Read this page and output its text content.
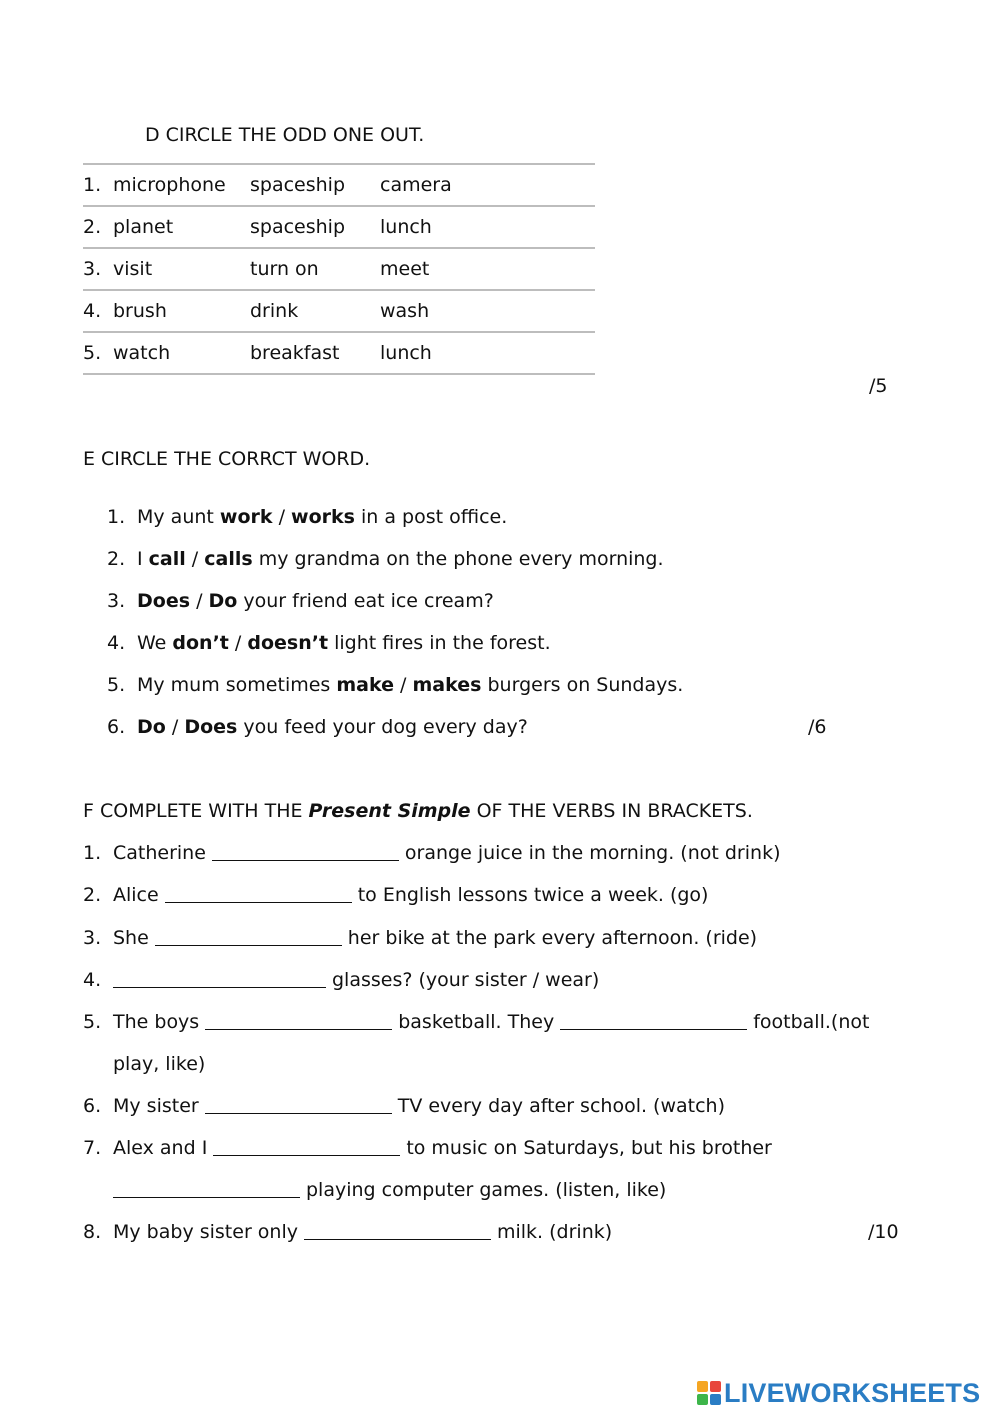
D CIRCLE THE ODD ONE OUT.
1. microphone	spaceship	camera
2. planet	spaceship	lunch
3. visit	turn on	meet
4. brush	drink	wash
5. watch	breakfast	lunch
/5
E CIRCLE THE CORRCT WORD.
1. My aunt work / works in a post office.
2. I call / calls my grandma on the phone every morning.
3. Does / Do your friend eat ice cream?
4. We don’t / doesn’t light fires in the forest.
5. My mum sometimes make / makes burgers on Sundays.
6. Do / Does you feed your dog every day?	/6
F COMPLETE WITH THE Present Simple OF THE VERBS IN BRACKETS.
1. Catherine	orange juice in the morning. (not drink)
2. Alice	to English lessons twice a week. (go)
3. She	her bike at the park every afternoon. (ride)
4.	glasses? (your sister / wear)
5. The boys	basketball. They	football.(not
play, like)
6. My sister	TV every day after school. (watch)
7. Alex and I	to music on Saturdays, but his brother
playing computer games. (listen, like)
8. My baby sister only	milk. (drink)	/10
LIVEWORKSHEETS
